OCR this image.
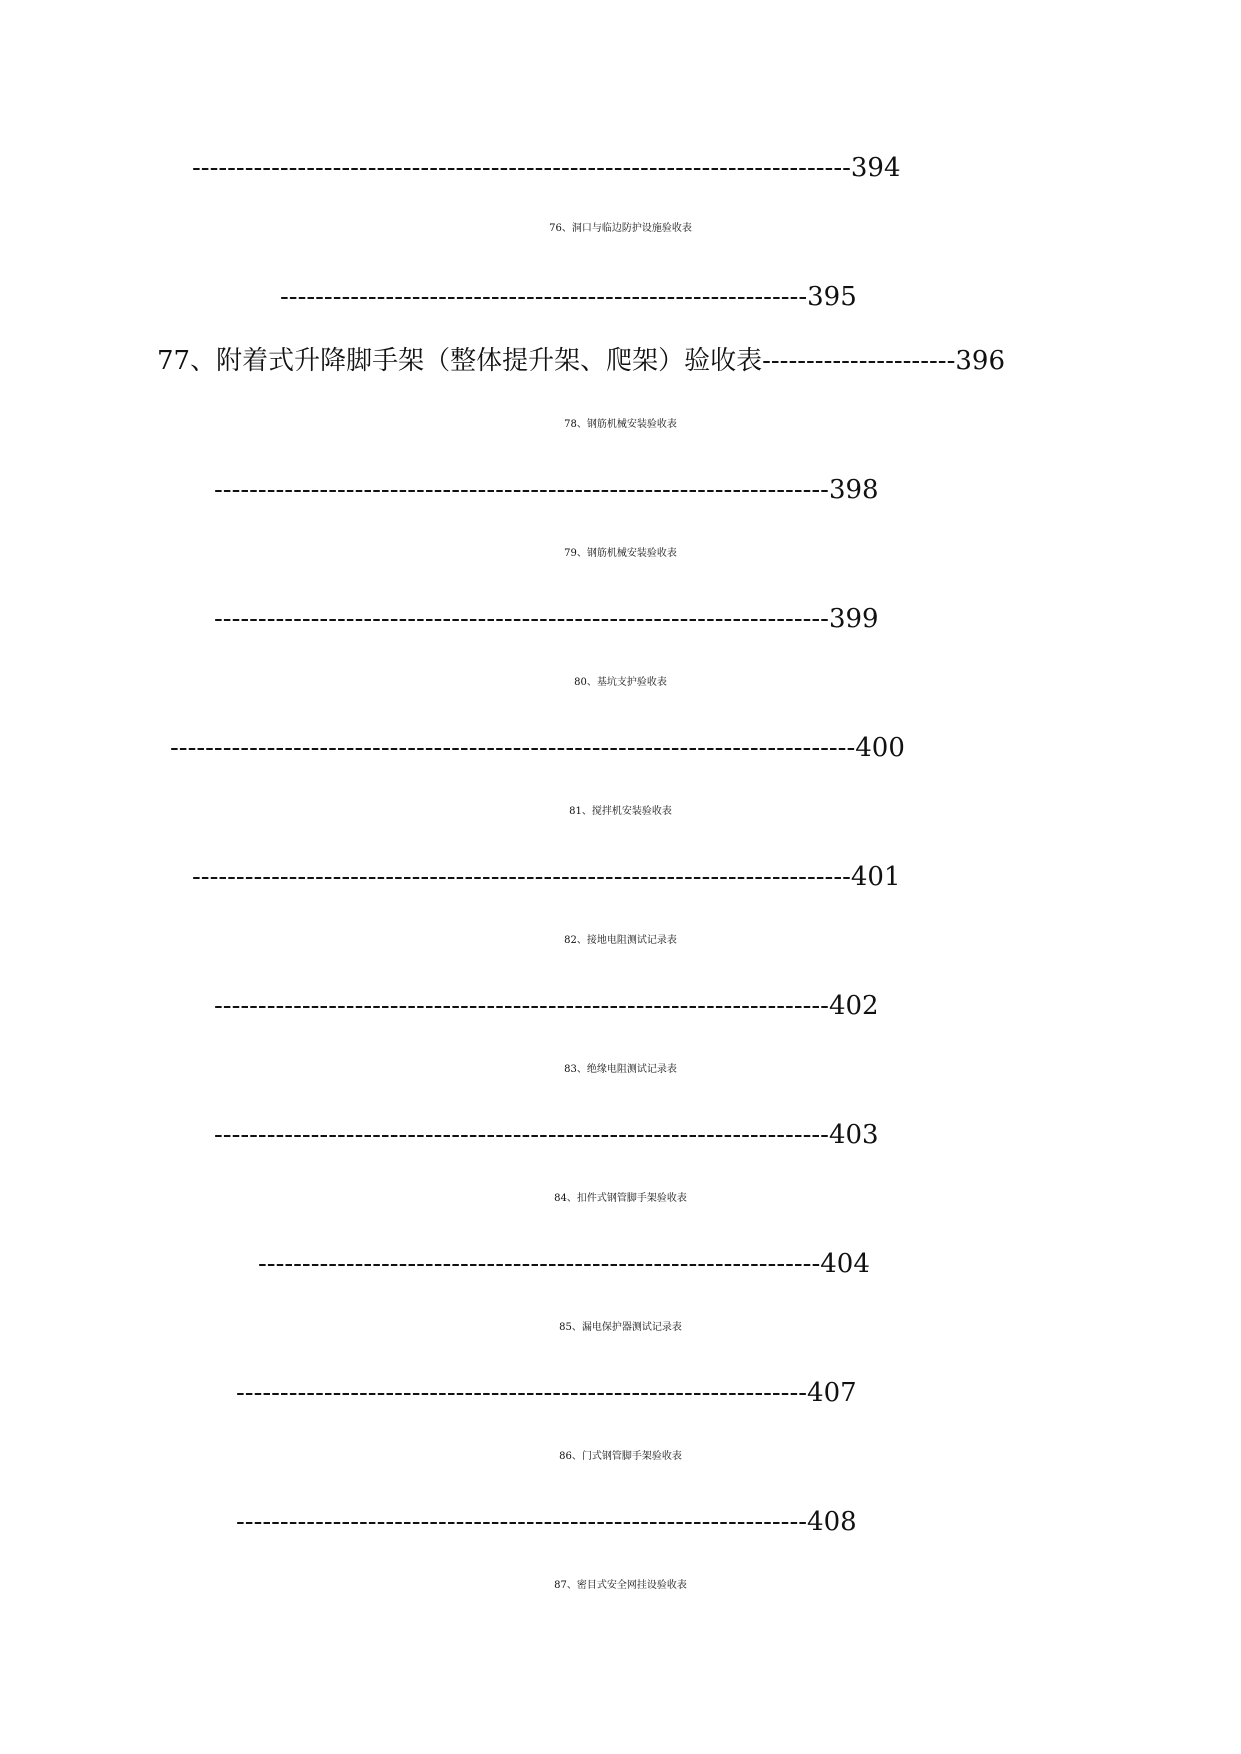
---------------------------------------------------------------------------394
76、洞口与临边防护设施验收表
------------------------------------------------------------395
77、附着式升降脚手架（整体提升架、爬架）验收表----------------------396
78、钢筋机械安装验收表
----------------------------------------------------------------------398
79、钢筋机械安装验收表
----------------------------------------------------------------------399
80、基坑支护验收表
------------------------------------------------------------------------------400
81、搅拌机安装验收表
---------------------------------------------------------------------------401
82、接地电阻测试记录表
----------------------------------------------------------------------402
83、绝缘电阻测试记录表
----------------------------------------------------------------------403
84、扣件式钢管脚手架验收表
----------------------------------------------------------------404
85、漏电保护器测试记录表
-----------------------------------------------------------------407
86、门式钢管脚手架验收表
-----------------------------------------------------------------408
87、密目式安全网挂设验收表
